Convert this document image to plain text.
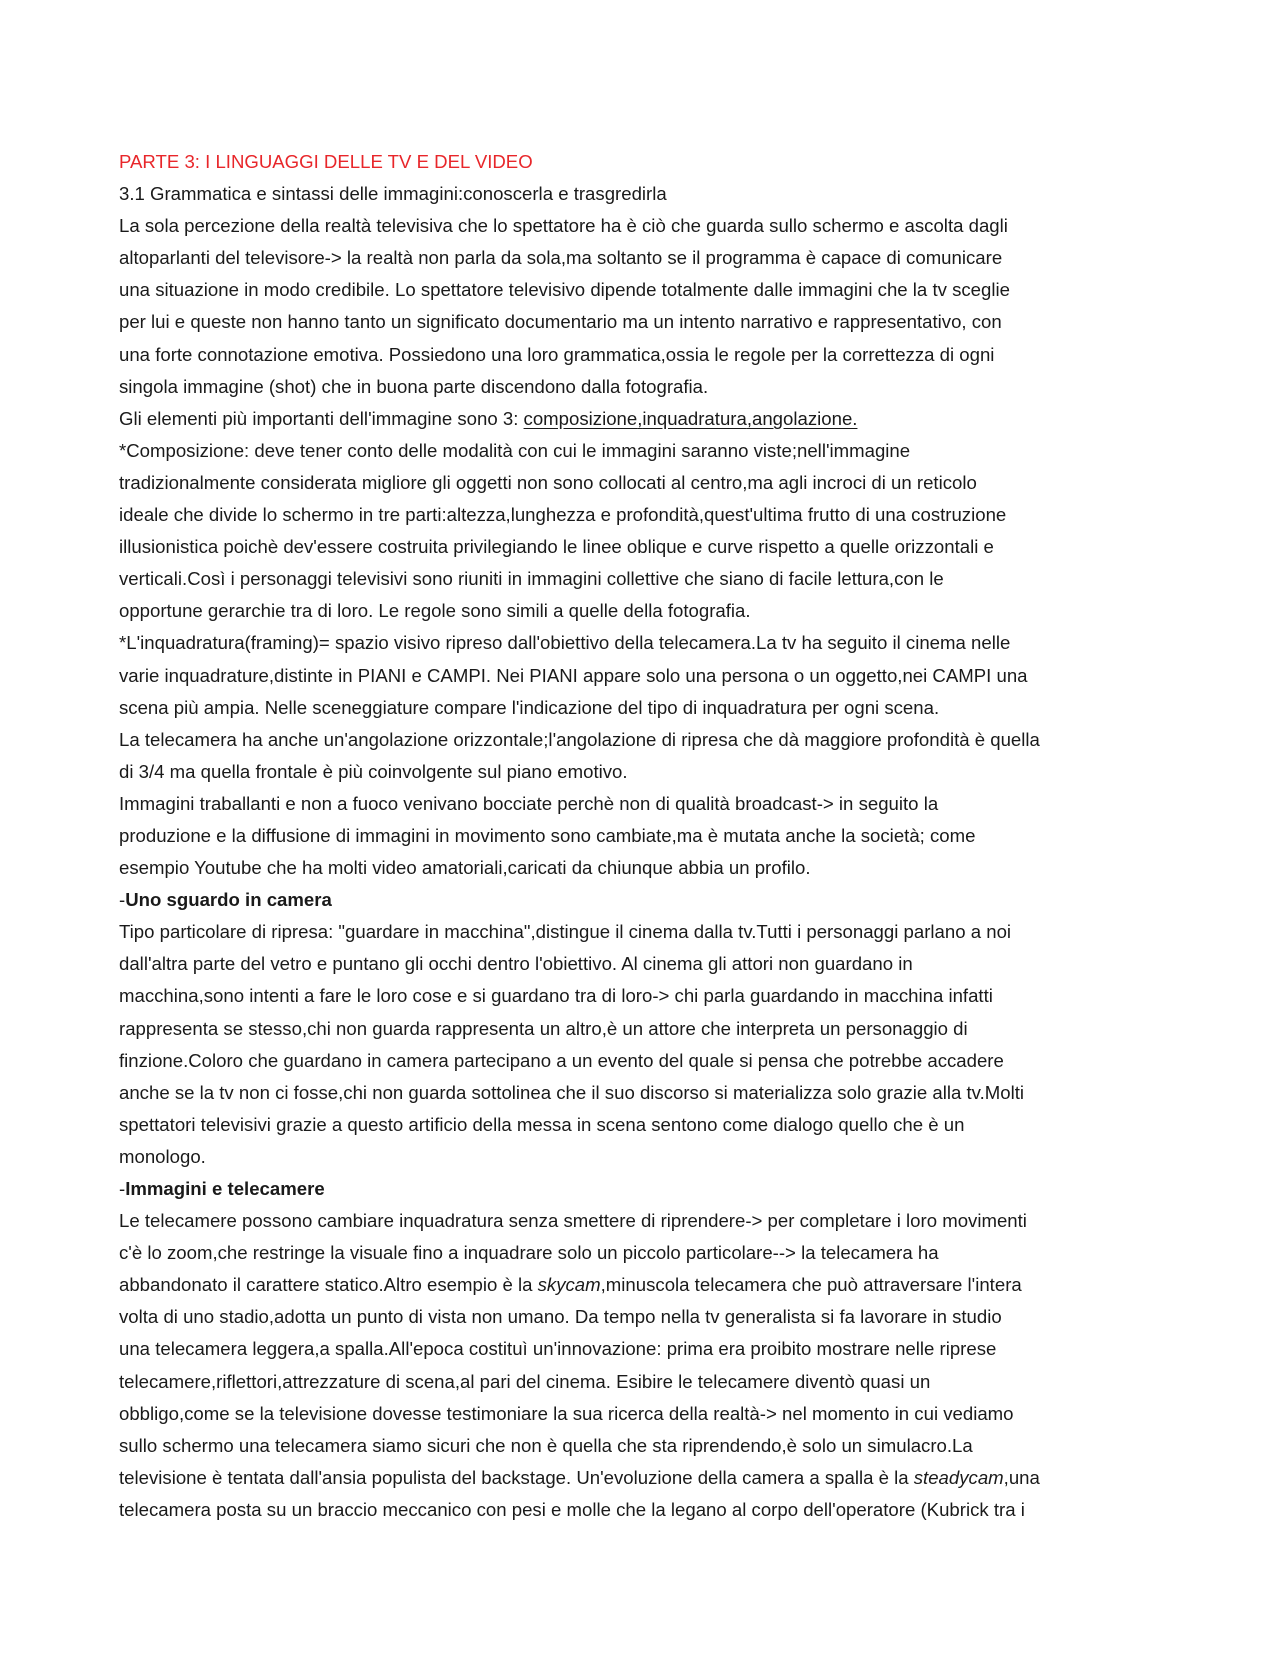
PARTE 3: I LINGUAGGI DELLE TV E DEL VIDEO
3.1 Grammatica e sintassi delle immagini:conoscerla e trasgredirla
La sola percezione della realtà televisiva che lo spettatore ha è ciò che guarda sullo schermo e ascolta dagli
altoparlanti del televisore-> la realtà non parla da sola,ma soltanto se il programma è capace di comunicare
una situazione in modo credibile. Lo spettatore televisivo dipende totalmente dalle immagini che la tv sceglie
per lui e queste non hanno tanto un significato documentario ma un intento narrativo e rappresentativo, con
una forte connotazione emotiva. Possiedono una loro grammatica,ossia le regole per la correttezza di ogni
singola immagine (shot) che in buona parte discendono dalla fotografia.
Gli elementi più importanti dell'immagine sono 3: composizione,inquadratura,angolazione.
*Composizione: deve tener conto delle modalità con cui le immagini saranno viste;nell'immagine
tradizionalmente considerata migliore gli oggetti non sono collocati al centro,ma agli incroci di un reticolo
ideale che divide lo schermo in tre parti:altezza,lunghezza e profondità,quest'ultima frutto di una costruzione
illusionistica poichè dev'essere costruita privilegiando le linee oblique e curve rispetto a quelle orizzontali e
verticali.Così i personaggi televisivi sono riuniti in immagini collettive che siano di facile lettura,con le
opportune gerarchie tra di loro. Le regole sono simili a quelle della fotografia.
*L'inquadratura(framing)= spazio visivo ripreso dall'obiettivo della telecamera.La tv ha seguito il cinema nelle
varie inquadrature,distinte in PIANI e CAMPI. Nei PIANI appare solo una persona o un oggetto,nei CAMPI una
scena più ampia. Nelle sceneggiature compare l'indicazione del tipo di inquadratura per ogni scena.
La telecamera ha anche un'angolazione orizzontale;l'angolazione di ripresa che dà maggiore profondità è quella
di 3/4 ma quella frontale è più coinvolgente sul piano emotivo.
Immagini traballanti e non a fuoco venivano bocciate perchè non di qualità broadcast-> in seguito la
produzione e la diffusione di immagini in movimento sono cambiate,ma è mutata anche la società; come
esempio Youtube che ha molti video amatoriali,caricati da chiunque abbia un profilo.
-Uno sguardo in camera
Tipo particolare di ripresa: "guardare in macchina",distingue il cinema dalla tv.Tutti i personaggi parlano a noi
dall'altra parte del vetro e puntano gli occhi dentro l'obiettivo. Al cinema gli attori non guardano in
macchina,sono intenti a fare le loro cose e si guardano tra di loro-> chi parla guardando in macchina infatti
rappresenta se stesso,chi non guarda rappresenta un altro,è un attore che interpreta un personaggio di
finzione.Coloro che guardano in camera partecipano a un evento del quale si pensa che potrebbe accadere
anche se la tv non ci fosse,chi non guarda sottolinea che il suo discorso si materializza solo grazie alla tv.Molti
spettatori televisivi grazie a questo artificio della messa in scena sentono come dialogo quello che è un
monologo.
-Immagini e telecamere
Le telecamere possono cambiare inquadratura senza smettere di riprendere-> per completare i loro movimenti
c'è lo zoom,che restringe la visuale fino a inquadrare solo un piccolo particolare--> la telecamera ha
abbandonato il carattere statico.Altro esempio è la skycam,minuscola telecamera che può attraversare l'intera
volta di uno stadio,adotta un punto di vista non umano. Da tempo nella tv generalista si fa lavorare in studio
una telecamera leggera,a spalla.All'epoca costituì un'innovazione: prima era proibito mostrare nelle riprese
telecamere,riflettori,attrezzature di scena,al pari del cinema. Esibire le telecamere diventò quasi un
obbligo,come se la televisione dovesse testimoniare la sua ricerca della realtà-> nel momento in cui vediamo
sullo schermo una telecamera siamo sicuri che non è quella che sta riprendendo,è solo un simulacro.La
televisione è tentata dall'ansia populista del backstage. Un'evoluzione della camera a spalla è la steadycam,una
telecamera posta su un braccio meccanico con pesi e molle che la legano al corpo dell'operatore (Kubrick tra i
